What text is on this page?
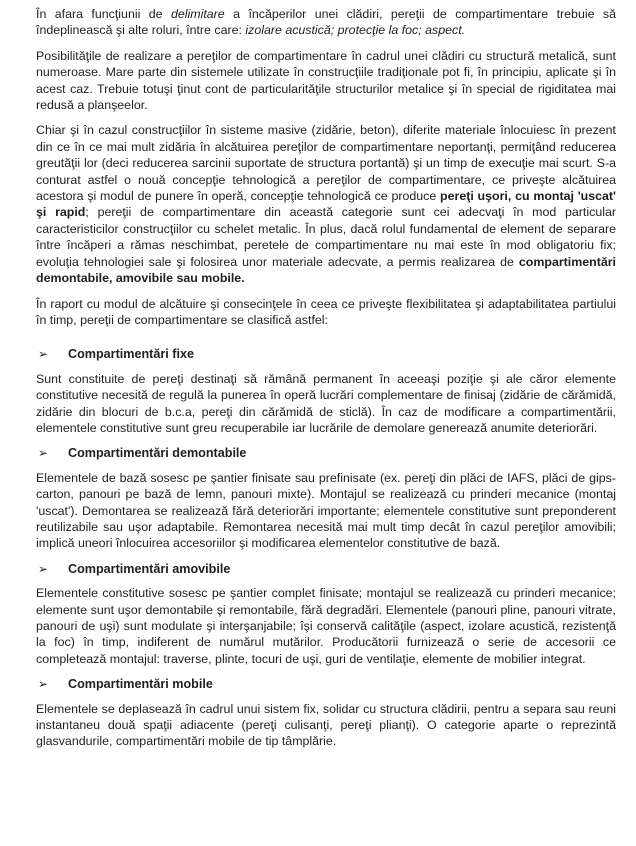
În afara funcţiunii de delimitare a încăperilor unei clădiri, pereţii de compartimentare trebuie să îndeplinească şi alte roluri, între care: izolare acustică; protecţie la foc; aspect.

Posibilităţile de realizare a pereţilor de compartimentare în cadrul unei clădiri cu structură metalică, sunt numeroase. Mare parte din sistemele utilizate în construcţiile tradiţionale pot fi, în principiu, aplicate şi în acest caz. Trebuie totuşi ţinut cont de particularităţile structurilor metalice şi în special de rigiditatea mai redusă a planşeelor.

Chiar şi în cazul construcţiilor în sisteme masive (zidărie, beton), diferite materiale înlocuiesc în prezent din ce în ce mai mult zidăria în alcătuirea pereţilor de compartimentare neportanţi, permiţând reducerea greutăţii lor (deci reducerea sarcinii suportate de structura portantă) şi un timp de execuţie mai scurt. S-a conturat astfel o nouă concepţie tehnologică a pereţilor de compartimentare, ce priveşte alcătuirea acestora şi modul de punere în operă, concepţie tehnologică ce produce pereţi uşori, cu montaj 'uscat' şi rapid; pereţii de compartimentare din această categorie sunt cei adecvaţi în mod particular caracteristicilor construcţiilor cu schelet metalic. În plus, dacă rolul fundamental de element de separare între încăperi a rămas neschimbat, peretele de compartimentare nu mai este în mod obligatoriu fix; evoluţia tehnologiei sale şi folosirea unor materiale adecvate, a permis realizarea de compartimentări demontabile, amovibile sau mobile.

În raport cu modul de alcătuire şi consecinţele în ceea ce priveşte flexibilitatea şi adaptabilitatea partiului în timp, pereţii de compartimentare se clasifică astfel:

➢	Compartimentări fixe

Sunt constituite de pereţi destinaţi să rămână permanent în aceeaşi poziţie şi ale căror elemente constitutive necesită de regulă la punerea în operă lucrări complementare de finisaj (zidărie de cărămidă, zidărie din blocuri de b.c.a, pereţi din cărămidă de sticlă). În caz de modificare a compartimentării, elementele constitutive sunt greu recuperabile iar lucrările de demolare generează anumite deteriorări.

➢	Compartimentări demontabile

Elementele de bază sosesc pe şantier finisate sau prefinisate (ex. pereţi din plăci de IAFS, plăci de gips-carton, panouri pe bază de lemn, panouri mixte). Montajul se realizează cu prinderi mecanice (montaj 'uscat'). Demontarea se realizează fără deteriorări importante; elementele constitutive sunt preponderent reutilizabile sau uşor adaptabile. Remontarea necesită mai mult timp decât în cazul pereţilor amovibili; implică uneori înlocuirea accesoriilor şi modificarea elementelor constitutive de bază.

➢	Compartimentări amovibile

Elementele constitutive sosesc pe şantier complet finisate; montajul se realizează cu prinderi mecanice; elemente sunt uşor demontabile şi remontabile, fără degradări. Elementele (panouri pline, panouri vitrate, panouri de uşi) sunt modulate şi interşanjabile; îşi conservă calităţile (aspect, izolare acustică, rezistenţă la foc) în timp, indiferent de numărul mutărilor. Producătorii furnizează o serie de accesorii ce completează montajul: traverse, plinte, tocuri de uşi, guri de ventilaţie, elemente de mobilier integrat.

➢	Compartimentări mobile

Elementele se deplasează în cadrul unui sistem fix, solidar cu structura clădirii, pentru a separa sau reuni instantaneu două spaţii adiacente (pereţi culisanţi, pereţi plianţi). O categorie aparte o reprezintă glasvandurile, compartimentări mobile de tip tâmplărie.
